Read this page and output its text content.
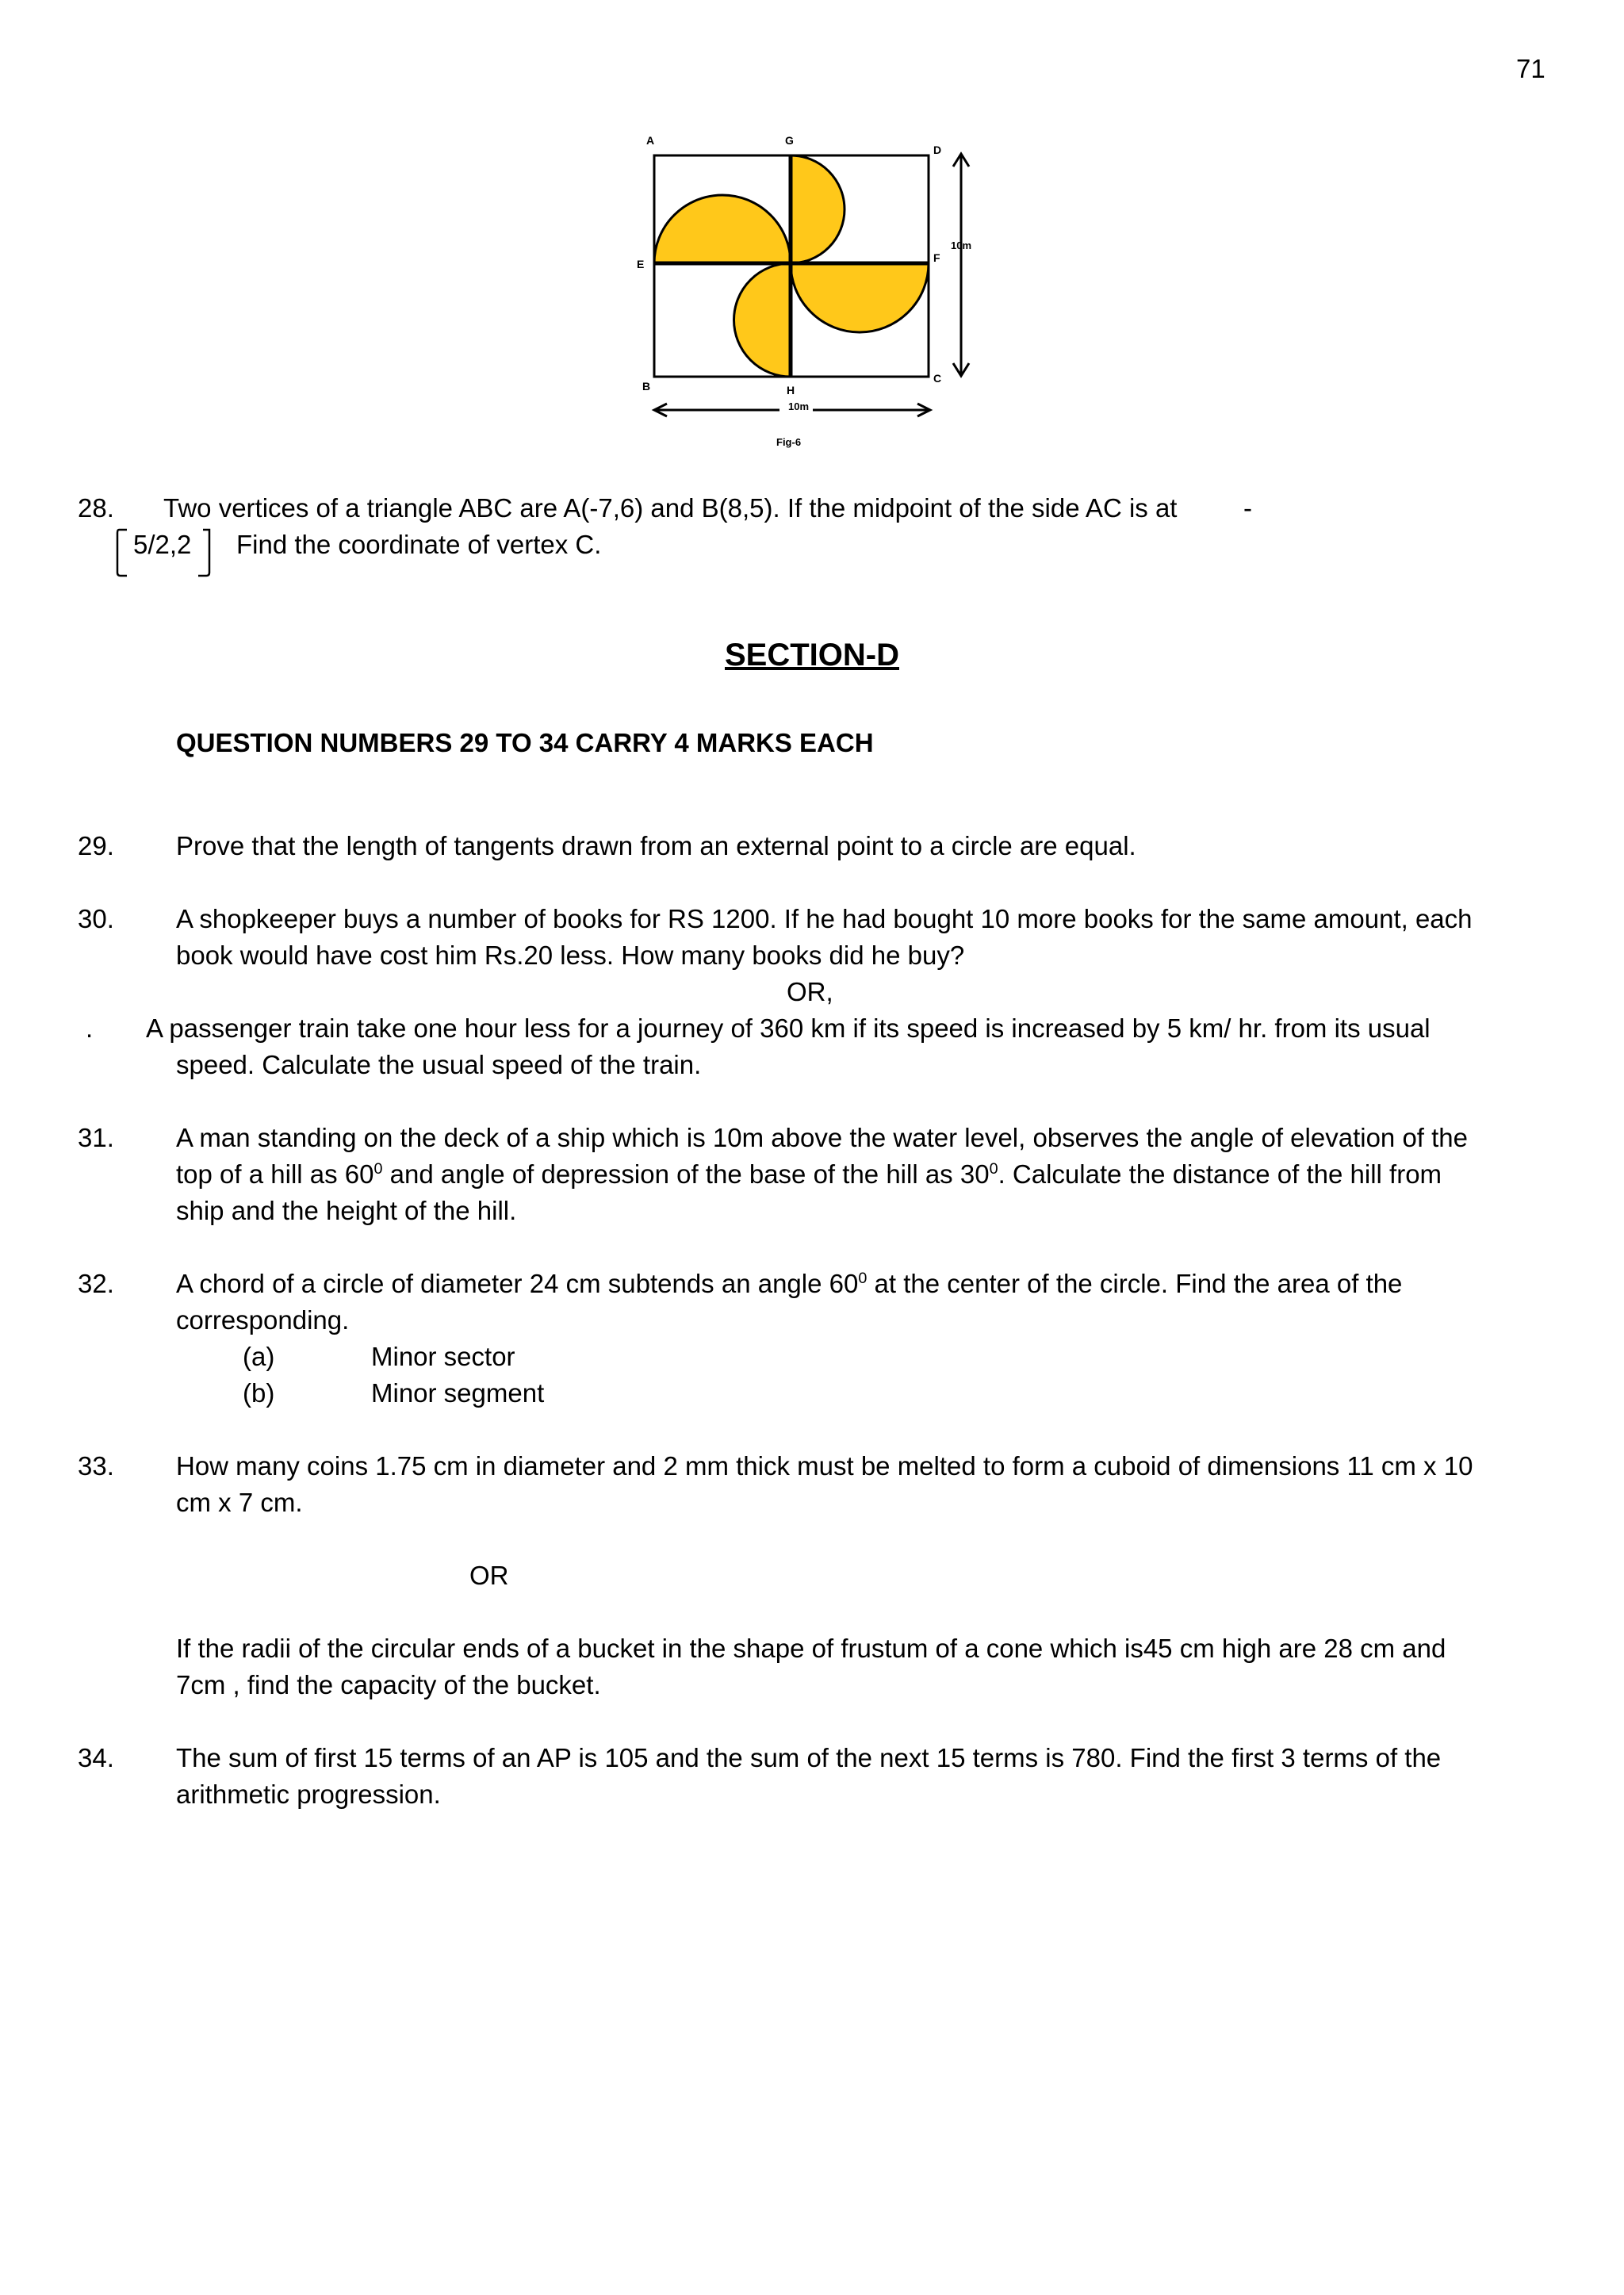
71
A	G
D
E	F
B	H
C
10m
10m
Fig-6
28. Two vertices of a triangle ABC are A(-7,6) and B(8,5). If the midpoint of the side AC is at	-
5/2,2 Find the coordinate of vertex C.
SECTION-D
QUESTION NUMBERS 29 TO 34 CARRY 4 MARKS EACH
29. Prove that the length of tangents drawn from an external point to a circle are equal.
30. A shopkeeper buys a number of books for RS 1200. If he had bought 10 more books for the same amount, each
book would have cost him Rs.20 less. How many books did he buy?
OR,
. A passenger train take one hour less for a journey of 360 km if its speed is increased by 5 km/ hr. from its usual
speed. Calculate the usual speed of the train.
31. A man standing on the deck of a ship which is 10m above the water level, observes the angle of elevation of the
top of a hill as $60^0$ and angle of depression of the base of the hill as $30^0$. Calculate the distance of the hill from
ship and the height of the hill.
32. A chord of a circle of diameter 24 cm subtends an angle $60^0$ at the center of the circle. Find the area of the
corresponding.
(a)	Minor sector
(b)	Minor segment
33. How many coins 1.75 cm in diameter and 2 mm thick must be melted to form a cuboid of dimensions 11 cm x 10
cm x 7 cm.
OR
If the radii of the circular ends of a bucket in the shape of frustum of a cone which is45 cm high are 28 cm and
7cm , find the capacity of the bucket.
34. The sum of first 15 terms of an AP is 105 and the sum of the next 15 terms is 780. Find the first 3 terms of the
arithmetic progression.
